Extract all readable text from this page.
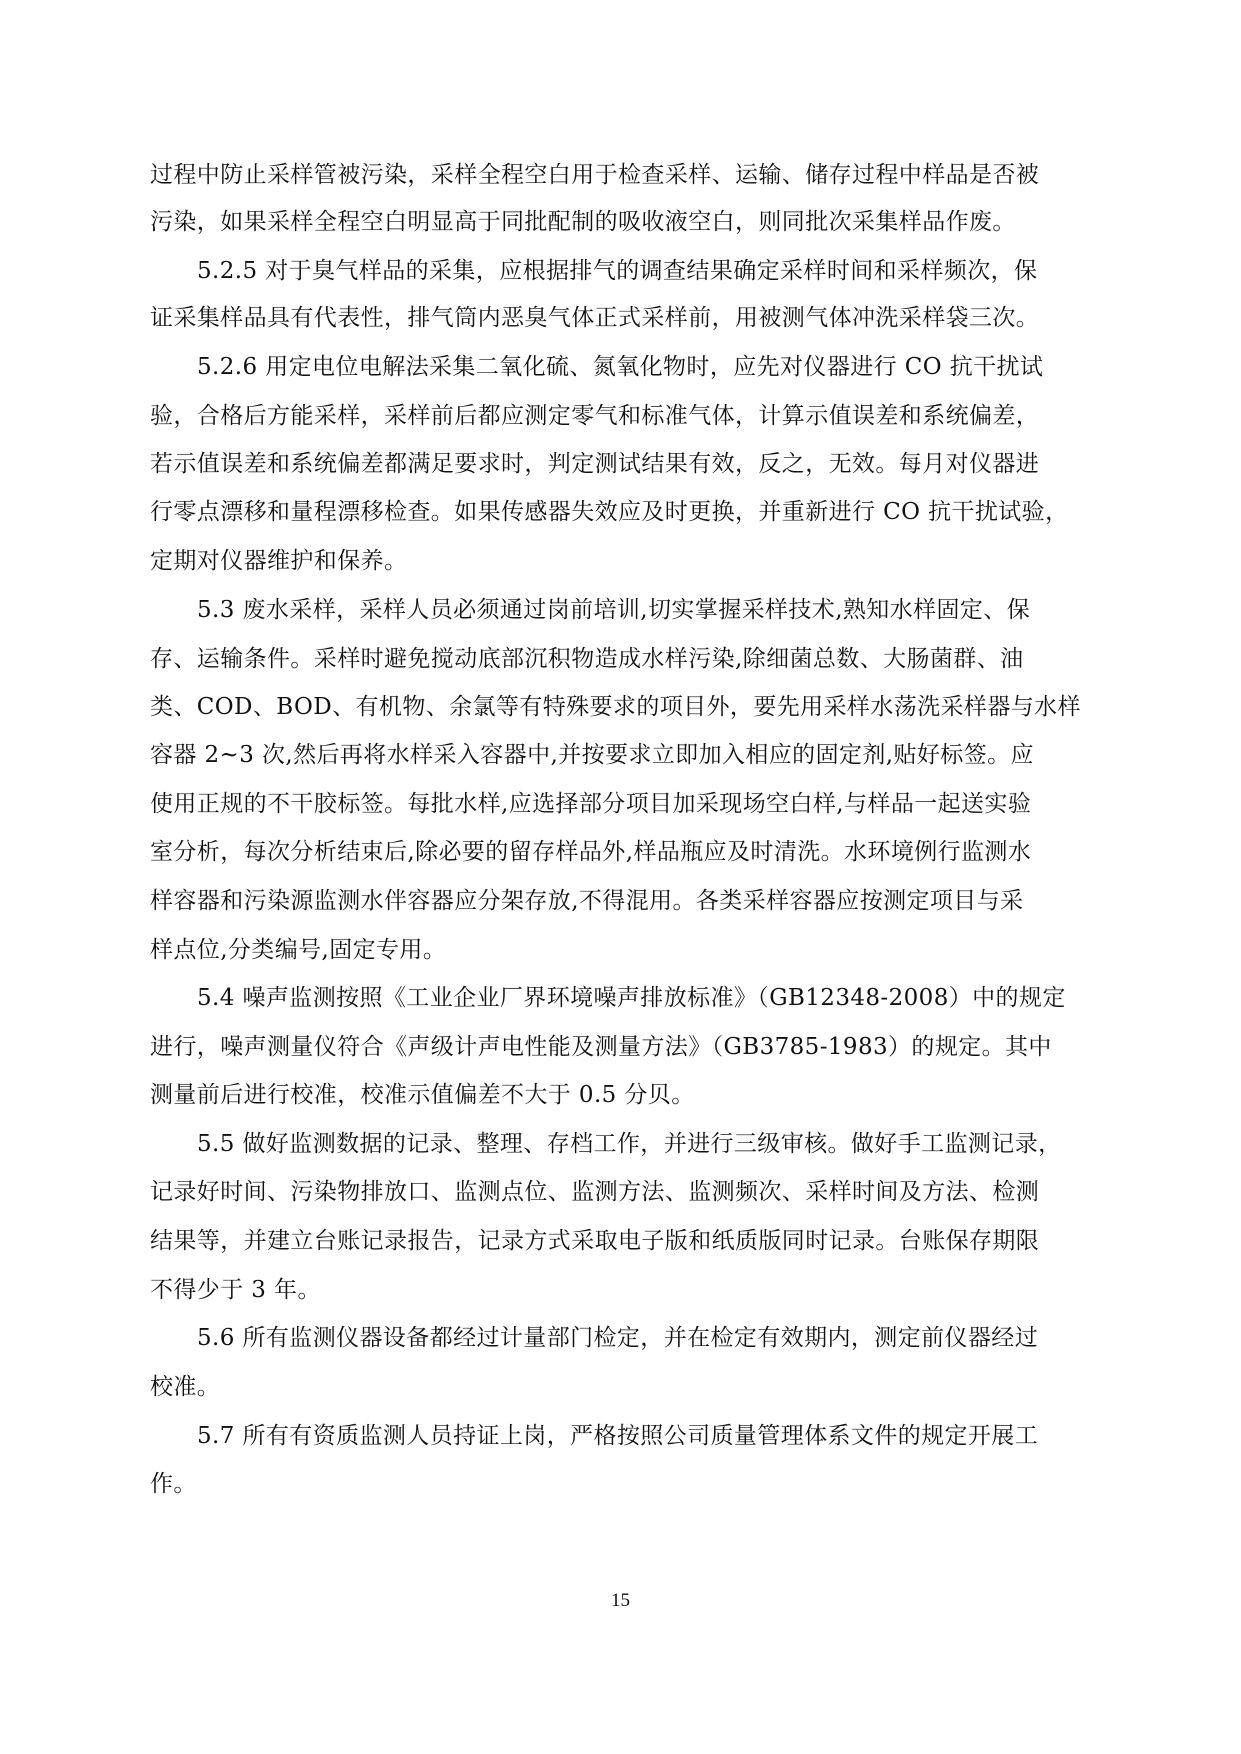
过程中防止采样管被污染，采样全程空白用于检查采样、运输、储存过程中样品是否被
污染，如果采样全程空白明显高于同批配制的吸收液空白，则同批次采集样品作废。
5.2.5 对于臭气样品的采集，应根据排气的调查结果确定采样时间和采样频次，保
证采集样品具有代表性，排气筒内恶臭气体正式采样前，用被测气体冲洗采样袋三次。
5.2.6 用定电位电解法采集二氧化硫、氮氧化物时，应先对仪器进行 CO 抗干扰试
验，合格后方能采样，采样前后都应测定零气和标准气体，计算示值误差和系统偏差，
若示值误差和系统偏差都满足要求时，判定测试结果有效，反之，无效。每月对仪器进
行零点漂移和量程漂移检查。如果传感器失效应及时更换，并重新进行 CO 抗干扰试验，
定期对仪器维护和保养。
5.3 废水采样，采样人员必须通过岗前培训,切实掌握采样技术,熟知水样固定、保
存、运输条件。采样时避免搅动底部沉积物造成水样污染,除细菌总数、大肠菌群、油
类、COD、BOD、有机物、余氯等有特殊要求的项目外，要先用采样水荡洗采样器与水样
容器 2~3 次,然后再将水样采入容器中,并按要求立即加入相应的固定剂,贴好标签。应
使用正规的不干胶标签。每批水样,应选择部分项目加采现场空白样,与样品一起送实验
室分析，每次分析结束后,除必要的留存样品外,样品瓶应及时清洗。水环境例行监测水
样容器和污染源监测水伴容器应分架存放,不得混用。各类采样容器应按测定项目与采
样点位,分类编号,固定专用。
5.4 噪声监测按照《工业企业厂界环境噪声排放标准》（GB12348-2008）中的规定
进行，噪声测量仪符合《声级计声电性能及测量方法》（GB3785-1983）的规定。其中
测量前后进行校准，校准示值偏差不大于 0.5 分贝。
5.5 做好监测数据的记录、整理、存档工作，并进行三级审核。做好手工监测记录，
记录好时间、污染物排放口、监测点位、监测方法、监测频次、采样时间及方法、检测
结果等，并建立台账记录报告，记录方式采取电子版和纸质版同时记录。台账保存期限
不得少于 3 年。
5.6 所有监测仪器设备都经过计量部门检定，并在检定有效期内，测定前仪器经过
校准。
5.7 所有有资质监测人员持证上岗，严格按照公司质量管理体系文件的规定开展工
作。
15
